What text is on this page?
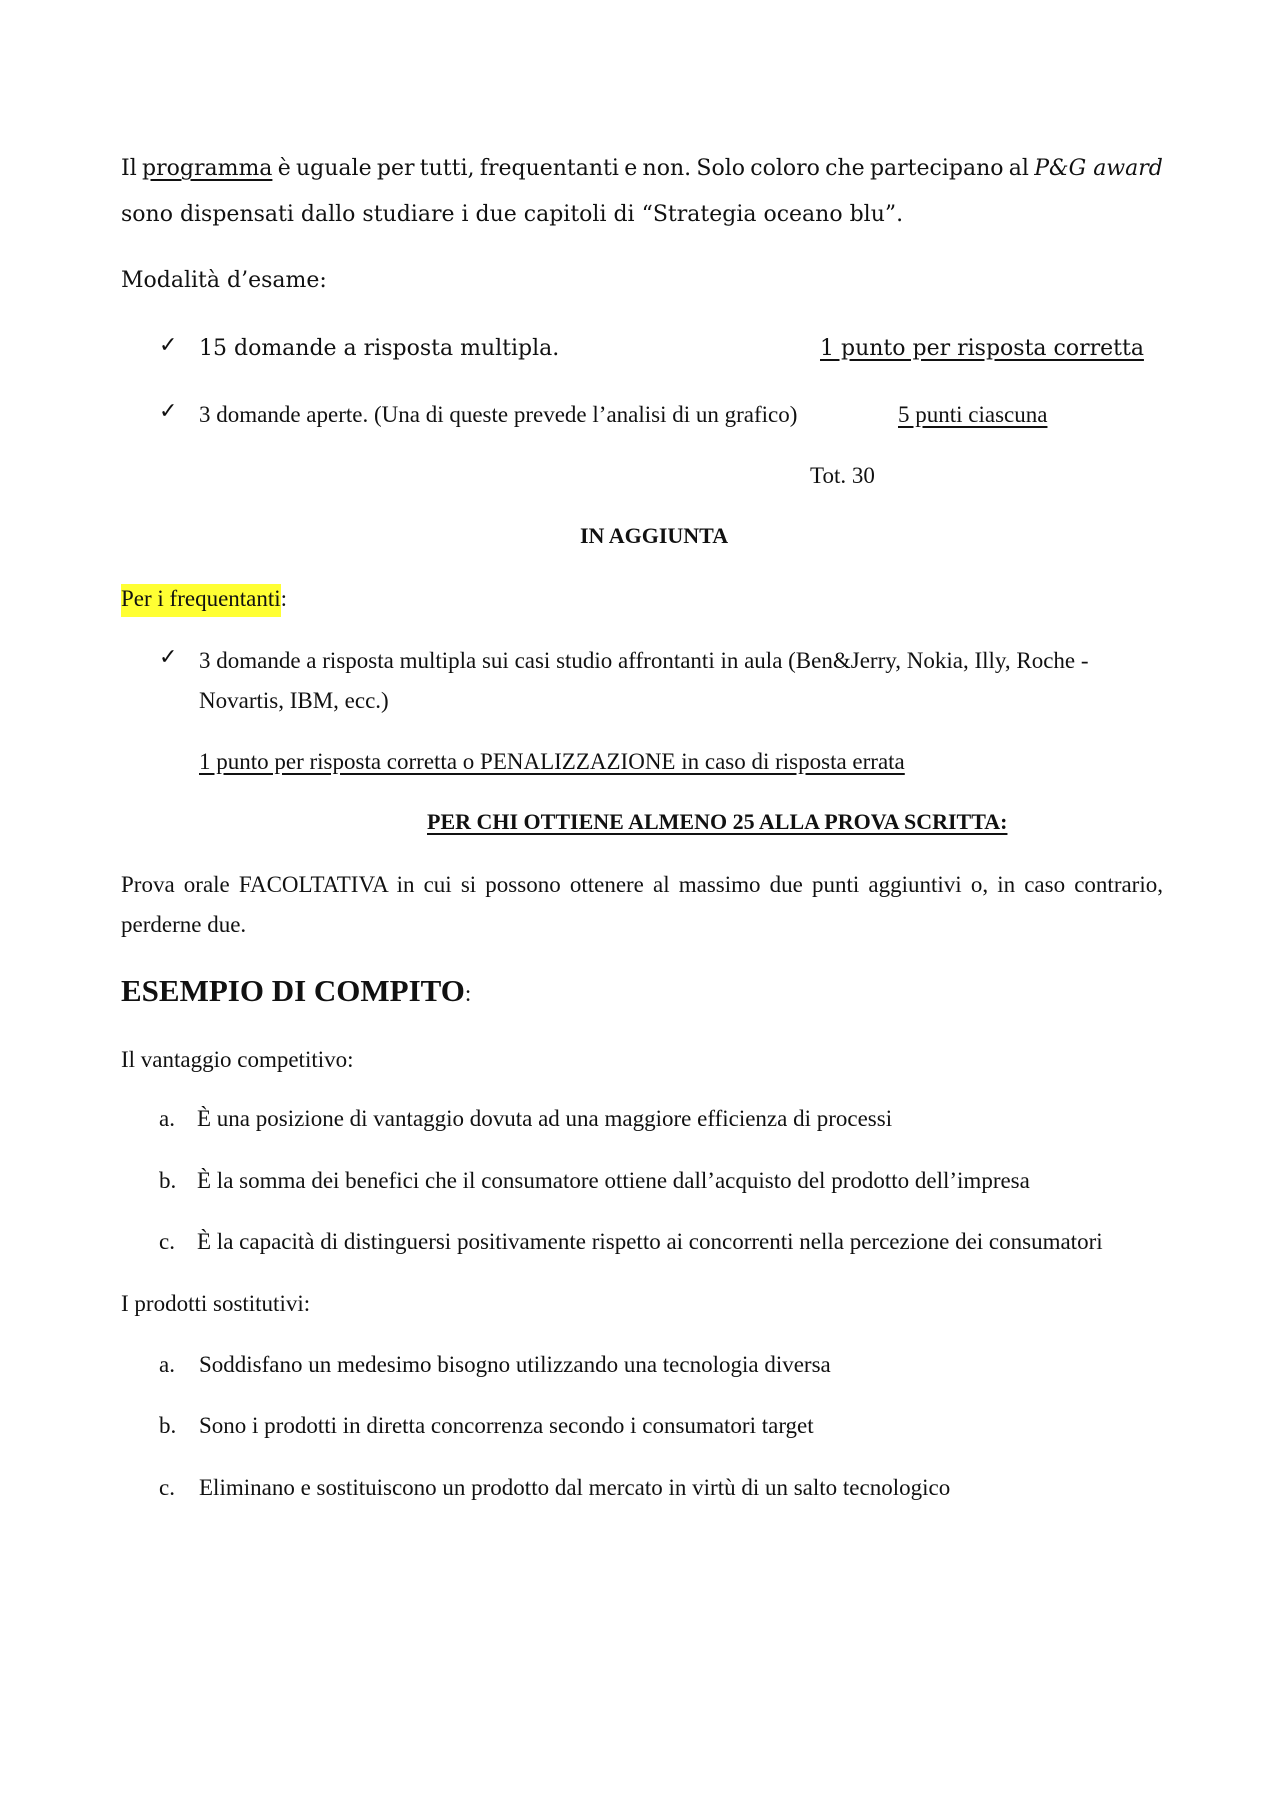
Il programma è uguale per tutti, frequentanti e non. Solo coloro che partecipano al P&G award
sono dispensati dallo studiare i due capitoli di “Strategia oceano blu”.
Modalità d’esame:
✓ 15 domande a risposta multipla.	1 punto per risposta corretta
✓ 3 domande aperte. (Una di queste prevede l’analisi di un grafico)	5 punti ciascuna
Tot. 30
IN AGGIUNTA
Per i frequentanti:
✓ 3 domande a risposta multipla sui casi studio affrontanti in aula (Ben&Jerry, Nokia, Illy, Roche -
Novartis, IBM, ecc.)
1 punto per risposta corretta o PENALIZZAZIONE in caso di risposta errata
PER CHI OTTIENE ALMENO 25 ALLA PROVA SCRITTA:
Prova orale FACOLTATIVA in cui si possono ottenere al massimo due punti aggiuntivi o, in caso contrario,
perderne due.
ESEMPIO DI COMPITO:
Il vantaggio competitivo:
a. È una posizione di vantaggio dovuta ad una maggiore efficienza di processi
b. È la somma dei benefici che il consumatore ottiene dall’acquisto del prodotto dell’impresa
c. È la capacità di distinguersi positivamente rispetto ai concorrenti nella percezione dei consumatori
I prodotti sostitutivi:
a. Soddisfano un medesimo bisogno utilizzando una tecnologia diversa
b. Sono i prodotti in diretta concorrenza secondo i consumatori target
c. Eliminano e sostituiscono un prodotto dal mercato in virtù di un salto tecnologico
